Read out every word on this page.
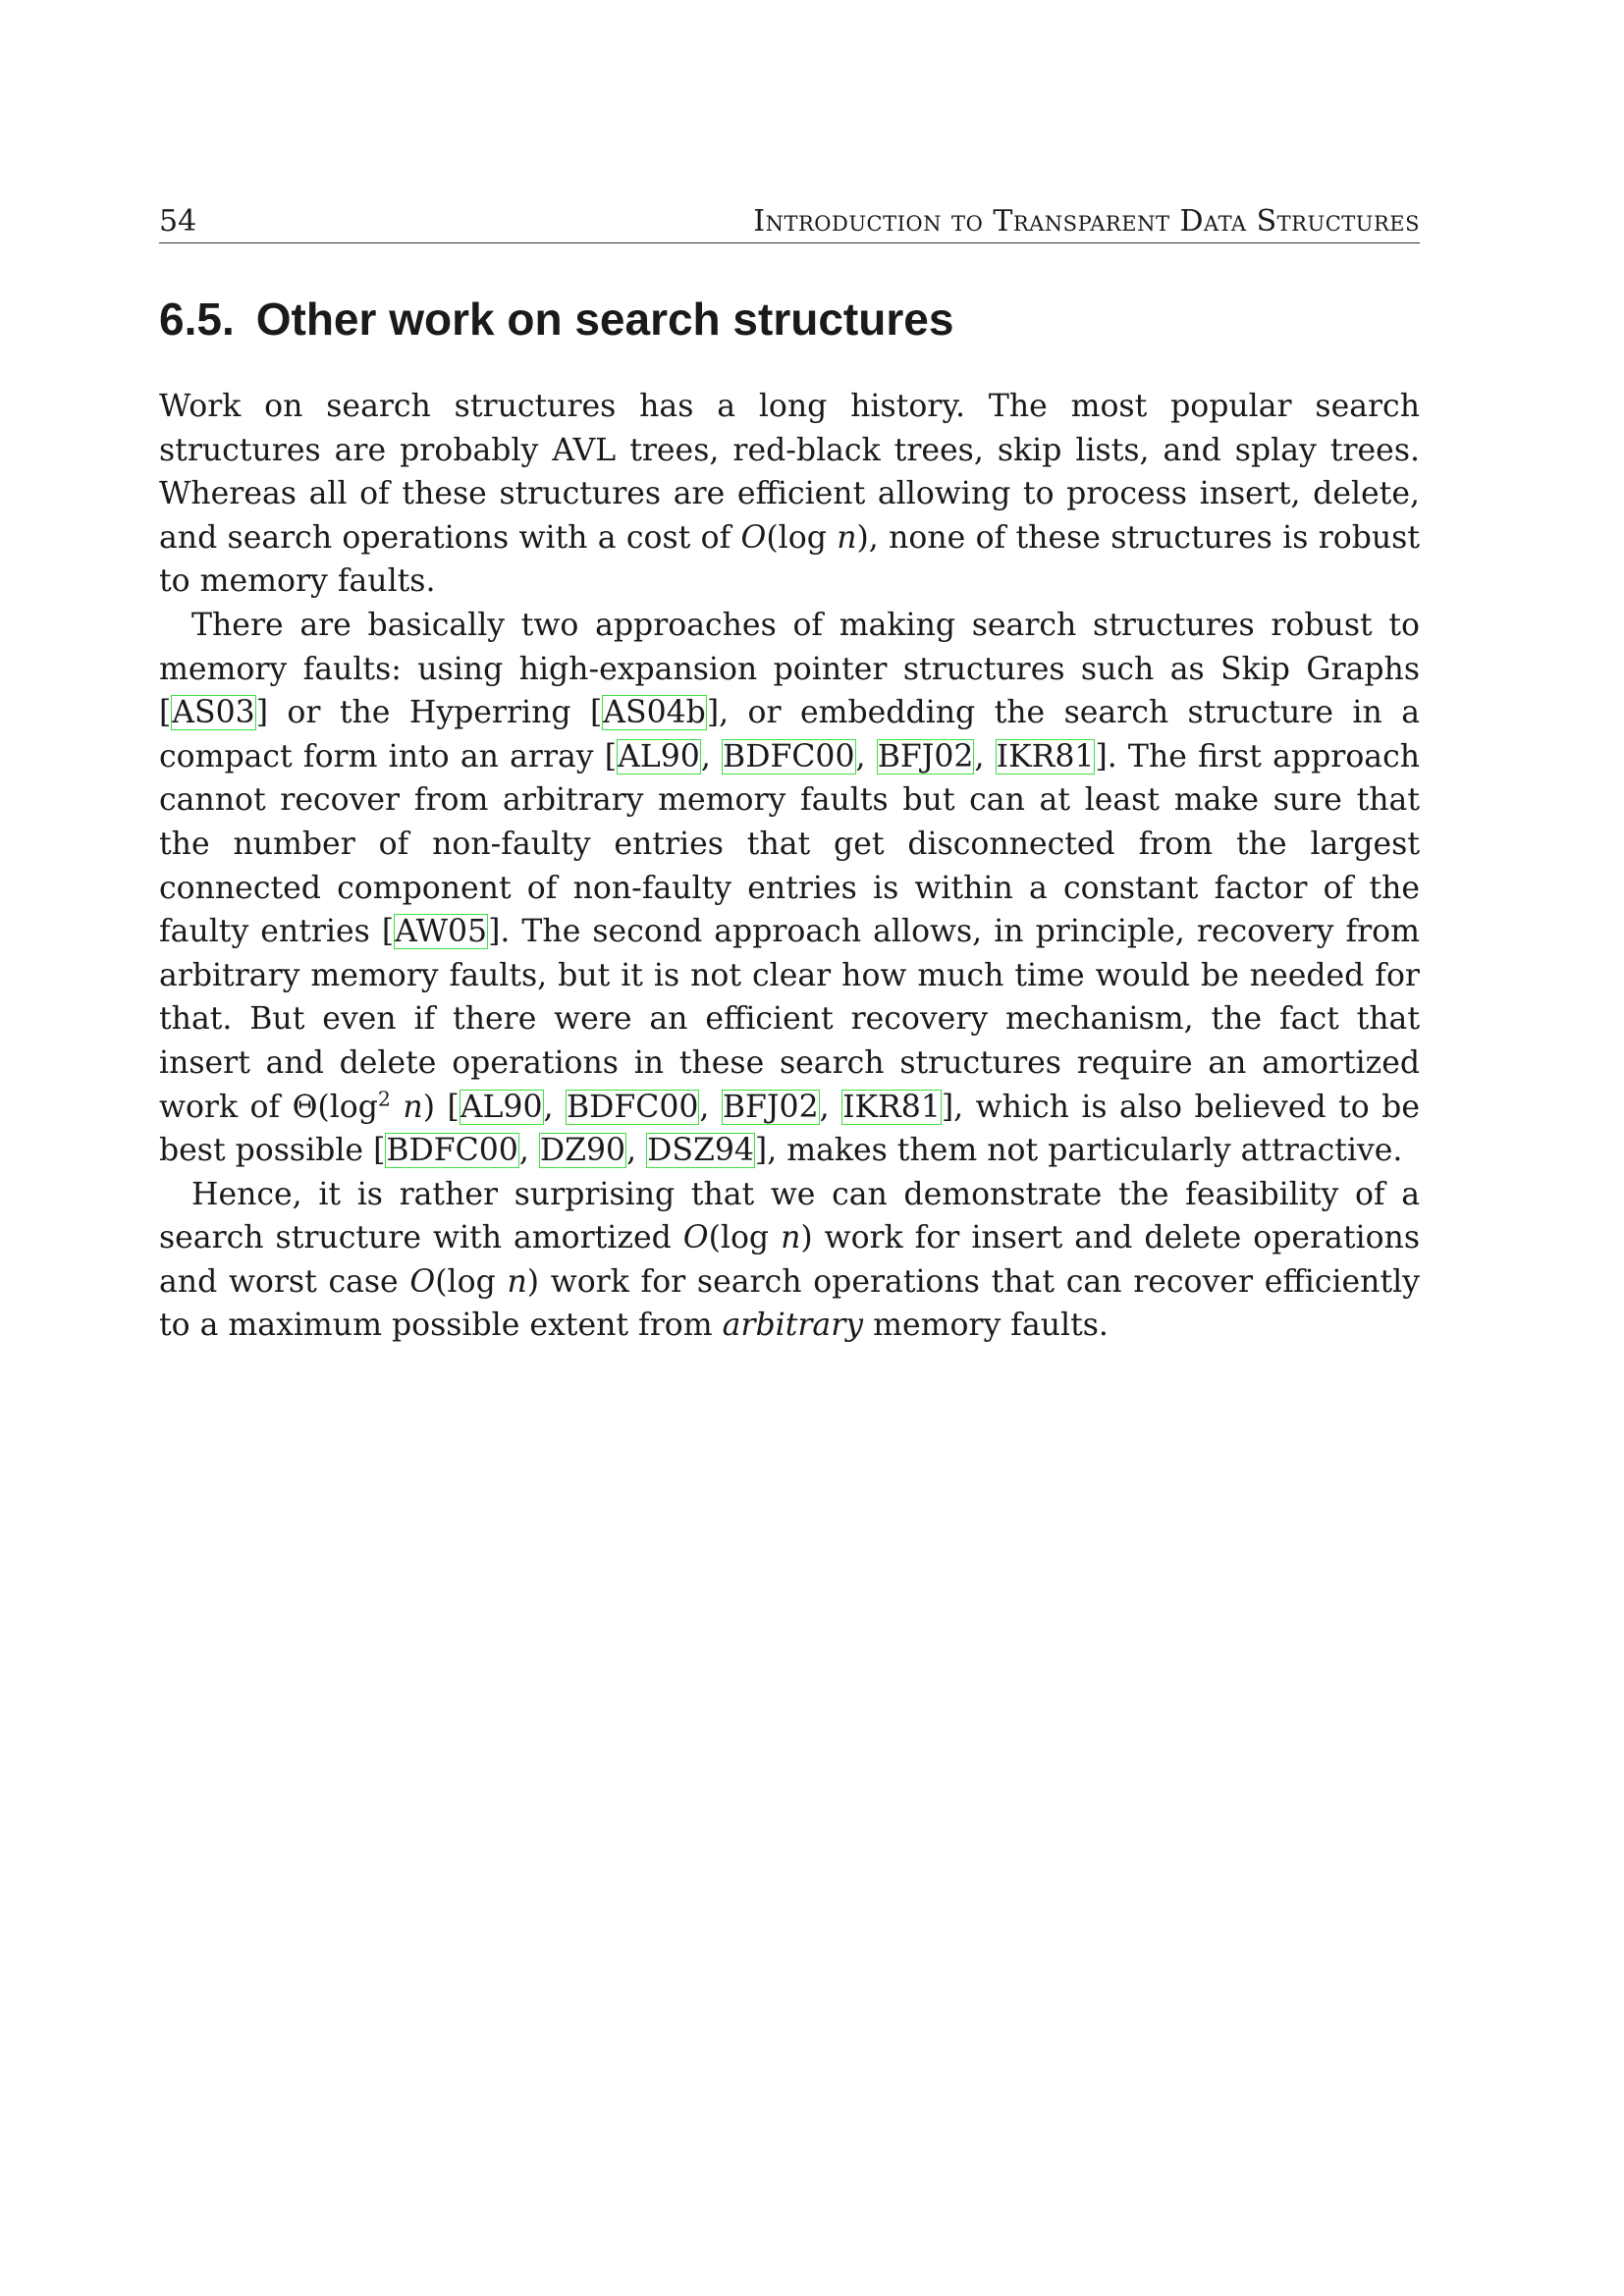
54	Introduction to Transparent Data Structures
6.5. Other work on search structures

Work on search structures has a long history. The most popular search structures are probably AVL trees, red-black trees, skip lists, and splay trees. Whereas all of these structures are efficient allowing to process insert, delete, and search operations with a cost of O(log n), none of these structures is robust to memory faults.

There are basically two approaches of making search structures robust to memory faults: using high-expansion pointer structures such as Skip Graphs [AS03] or the Hyperring [AS04b], or embedding the search structure in a compact form into an array [AL90, BDFC00, BFJ02, IKR81]. The first approach cannot recover from arbitrary memory faults but can at least make sure that the number of non-faulty entries that get disconnected from the largest connected component of non-faulty entries is within a constant factor of the faulty entries [AW05]. The second approach allows, in principle, recovery from arbitrary memory faults, but it is not clear how much time would be needed for that. But even if there were an efficient recovery mechanism, the fact that insert and delete operations in these search structures require an amortized work of $\Theta(\log^2$ n) [AL90, BDFC00, BFJ02, IKR81], which is also believed to be best possible [BDFC00, DZ90, DSZ94], makes them not particularly attractive.

Hence, it is rather surprising that we can demonstrate the feasibility of a search structure with amortized O(log n) work for insert and delete operations and worst case O(log n) work for search operations that can recover efficiently to a maximum possible extent from arbitrary memory faults.
